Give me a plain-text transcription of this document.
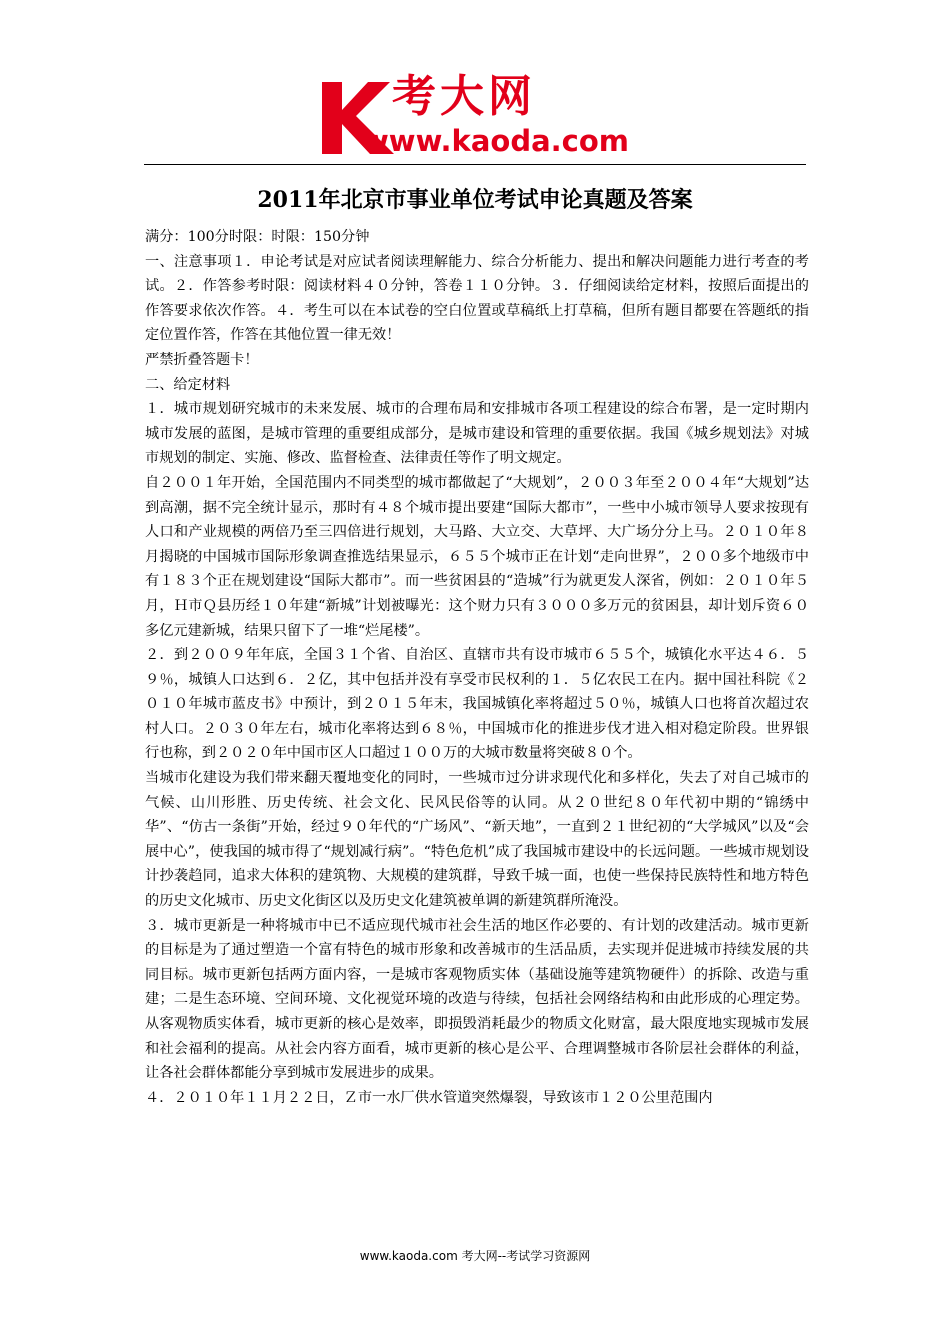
考大网
www.kaoda.com
2011年北京市事业单位考试申论真题及答案

满分：100分时限：时限：150分钟

一、注意事项１．申论考试是对应试者阅读理解能力、综合分析能力、提出和解决问题能力进行考查的考试。２．作答参考时限：阅读材料４０分钟，答卷１１０分钟。３．仔细阅读给定材料，按照后面提出的作答要求依次作答。４．考生可以在本试卷的空白位置或草稿纸上打草稿，但所有题目都要在答题纸的指定位置作答，作答在其他位置一律无效！

严禁折叠答题卡！

二、给定材料

１．城市规划研究城市的未来发展、城市的合理布局和安排城市各项工程建设的综合布署，是一定时期内城市发展的蓝图，是城市管理的重要组成部分，是城市建设和管理的重要依据。我国《城乡规划法》对城市规划的制定、实施、修改、监督检查、法律责任等作了明文规定。

自２００１年开始，全国范围内不同类型的城市都做起了“大规划”，２００３年至２００４年“大规划”达到高潮，据不完全统计显示，那时有４８个城市提出要建“国际大都市”，一些中小城市领导人要求按现有人口和产业规模的两倍乃至三四倍进行规划，大马路、大立交、大草坪、大广场分分上马。２０１０年８月揭晓的中国城市国际形象调查推选结果显示，６５５个城市正在计划“走向世界”，２００多个地级市中有１８３个正在规划建设“国际大都市”。而一些贫困县的“造城”行为就更发人深省，例如：２０１０年５月，Ｈ市Ｑ县历经１０年建“新城”计划被曝光：这个财力只有３０００多万元的贫困县，却计划斥资６０多亿元建新城，结果只留下了一堆“烂尾楼”。

２．到２００９年年底，全国３１个省、自治区、直辖市共有设市城市６５５个，城镇化水平达４６．５９％，城镇人口达到６．２亿，其中包括并没有享受市民权利的１．５亿农民工在内。据中国社科院《２０１０年城市蓝皮书》中预计，到２０１５年末，我国城镇化率将超过５０％，城镇人口也将首次超过农村人口。２０３０年左右，城市化率将达到６８％，中国城市化的推进步伐才进入相对稳定阶段。世界银行也称，到２０２０年中国市区人口超过１００万的大城市数量将突破８０个。

当城市化建设为我们带来翻天覆地变化的同时，一些城市过分讲求现代化和多样化，失去了对自己城市的气候、山川形胜、历史传统、社会文化、民风民俗等的认同。从２０世纪８０年代初中期的“锦绣中华”、“仿古一条街”开始，经过９０年代的“广场风”、“新天地”，一直到２１世纪初的“大学城风”以及“会展中心”，使我国的城市得了“规划减行病”。“特色危机”成了我国城市建设中的长远问题。一些城市规划设计抄袭趋同，追求大体积的建筑物、大规模的建筑群，导致千城一面，也使一些保持民族特性和地方特色的历史文化城市、历史文化街区以及历史文化建筑被单调的新建筑群所淹没。

３．城市更新是一种将城市中已不适应现代城市社会生活的地区作必要的、有计划的改建活动。城市更新的目标是为了通过塑造一个富有特色的城市形象和改善城市的生活品质，去实现并促进城市持续发展的共同目标。城市更新包括两方面内容，一是城市客观物质实体（基础设施等建筑物硬件）的拆除、改造与重建；二是生态环境、空间环境、文化视觉环境的改造与待续，包括社会网络结构和由此形成的心理定势。从客观物质实体看，城市更新的核心是效率，即损毁消耗最少的物质文化财富，最大限度地实现城市发展和社会福利的提高。从社会内容方面看，城市更新的核心是公平、合理调整城市各阶层社会群体的利益，让各社会群体都能分享到城市发展进步的成果。

４．２０１０年１１月２２日，Ｚ市一水厂供水管道突然爆裂，导致该市１２０公里范围内

www.kaoda.com 考大网--考试学习资源网
